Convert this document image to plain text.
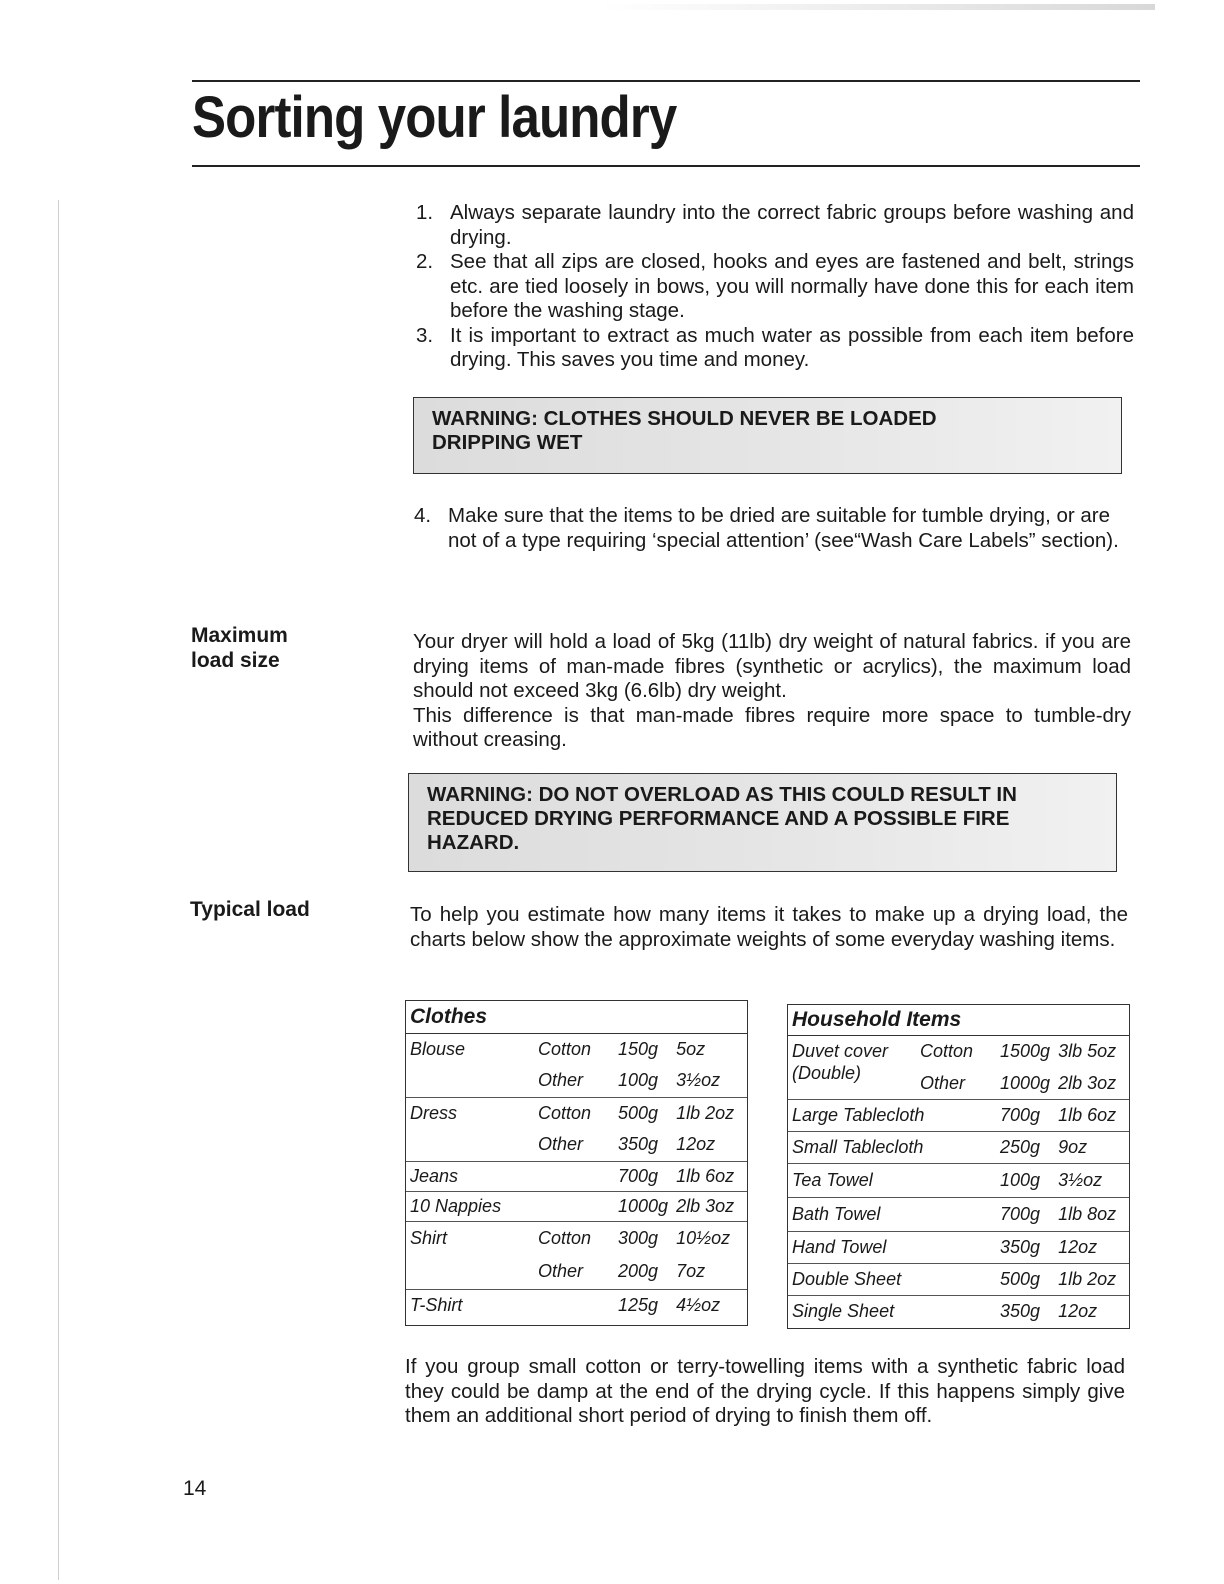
Sorting your laundry
1. Always separate laundry into the correct fabric groups before washing and drying.
2. See that all zips are closed, hooks and eyes are fastened and belt, strings etc. are tied loosely in bows, you will normally have done this for each item before the washing stage.
3. It is important to extract as much water as possible from each item before drying. This saves you time and money.
WARNING: CLOTHES SHOULD NEVER BE LOADED
DRIPPING WET
4. Make sure that the items to be dried are suitable for tumble drying, or are not of a type requiring ‘special attention’ (see“Wash Care Labels” section).
Maximum
load size
Your dryer will hold a load of 5kg (11lb) dry weight of natural fabrics. if you are drying items of man-made fibres (synthetic or acrylics), the maximum load should not exceed 3kg (6.6lb) dry weight.
This difference is that man-made fibres require more space to tumble-dry without creasing.
WARNING: DO NOT OVERLOAD AS THIS COULD RESULT IN
REDUCED DRYING PERFORMANCE AND A POSSIBLE FIRE
HAZARD.
Typical load	To help you estimate how many items it takes to make up a drying load, the charts below show the approximate weights of some everyday washing items.
Clothes			
Blouse	Cotton	150g	5oz
	Other	100g	3½oz
Dress	Cotton	500g	1lb 2oz
	Other	350g	12oz
Jeans		700g	1lb 6oz
10 Nappies		1000g	2lb 3oz
Shirt	Cotton	300g	10½oz
	Other	200g	7oz
T-Shirt		125g	4½oz
Household Items			

Duvet cover
(Double)	Cotton	1500g	3lb 5oz
	Other	1000g	2lb 3oz
Large Tablecloth		700g	1lb 6oz
Small Tablecloth		250g	9oz
Tea Towel		100g	3½oz
Bath Towel		700g	1lb 8oz
Hand Towel		350g	12oz
Double Sheet		500g	1lb 2oz
Single Sheet		350g	12oz
If you group small cotton or terry-towelling items with a synthetic fabric load they could be damp at the end of the drying cycle. If this happens simply give them an additional short period of drying to finish them off.
14
